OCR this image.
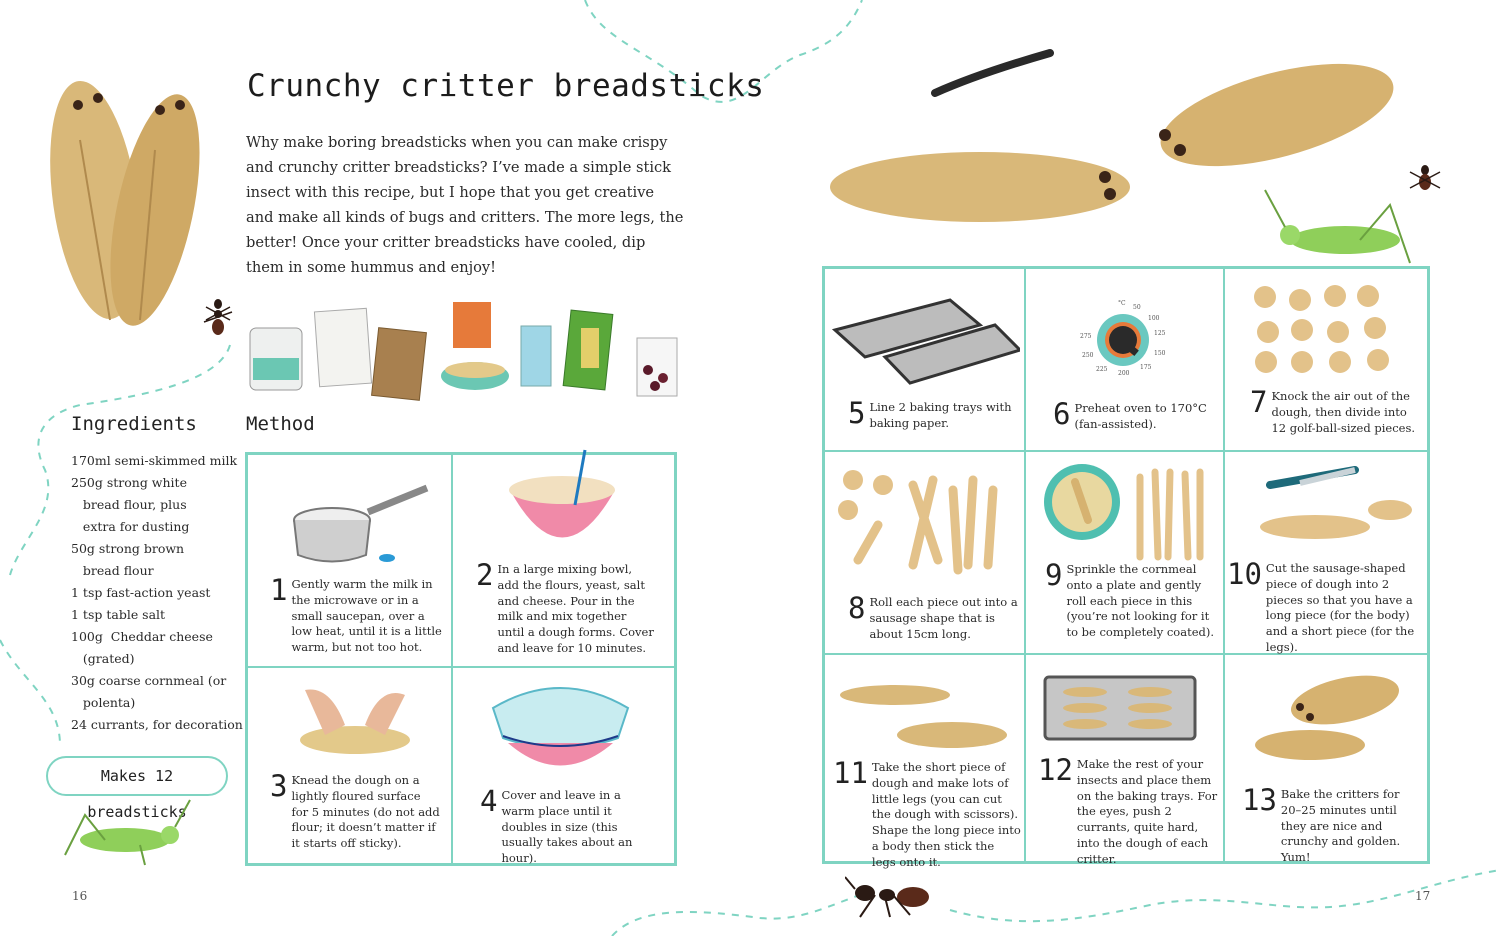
Crunchy critter breadsticks
Why make boring breadsticks when you can make crispy and crunchy critter breadsticks? I’ve made a simple stick insect with this recipe, but I hope that you get creative and make all kinds of bugs and critters. The more legs, the better! Once your critter breadsticks have cooled, dip them in some hummus and enjoy!
Ingredients
170ml semi-skimmed milk
250g strong white
bread flour, plus
extra for dusting
50g strong brown
bread flour
1 tsp fast-action yeast
1 tsp table salt
100g  Cheddar cheese
(grated)
30g coarse cornmeal (or
polenta)
24 currants, for decoration
Makes 12 breadsticks
Method
1 Gently warm the milk in the microwave or in a small saucepan, over a low heat, until it is a little warm, but not too hot.
2 In a large mixing bowl, add the flours, yeast, salt and cheese. Pour in the milk and mix together until a dough forms. Cover and leave for 10 minutes.
3 Knead the dough on a lightly floured surface for 5 minutes (do not add flour; it doesn’t matter if it starts off sticky).
4 Cover and leave in a warm place until it doubles in size (this usually takes about an hour).
16	17
5 Line 2 baking trays with baking paper.
°C
50
100
125
150
175
200
225
250
275
6 Preheat oven to 170°C (fan-assisted).
7 Knock the air out of the dough, then divide into 12 golf-ball-sized pieces.
8 Roll each piece out into a sausage shape that is about 15cm long.
9 Sprinkle the cornmeal onto a plate and gently roll each piece in this (you’re not looking for it to be completely coated).
10 Cut the sausage-shaped piece of dough into 2 pieces so that you have a long piece (for the body) and a short piece (for the legs).
11 Take the short piece of dough and make lots of little legs (you can cut the dough with scissors). Shape the long piece into a body then stick the legs onto it.
12 Make the rest of your insects and place them on the baking trays. For the eyes, push 2 currants, quite hard, into the dough of each critter.
13 Bake the critters for 20–25 minutes until they are nice and crunchy and golden. Yum!
